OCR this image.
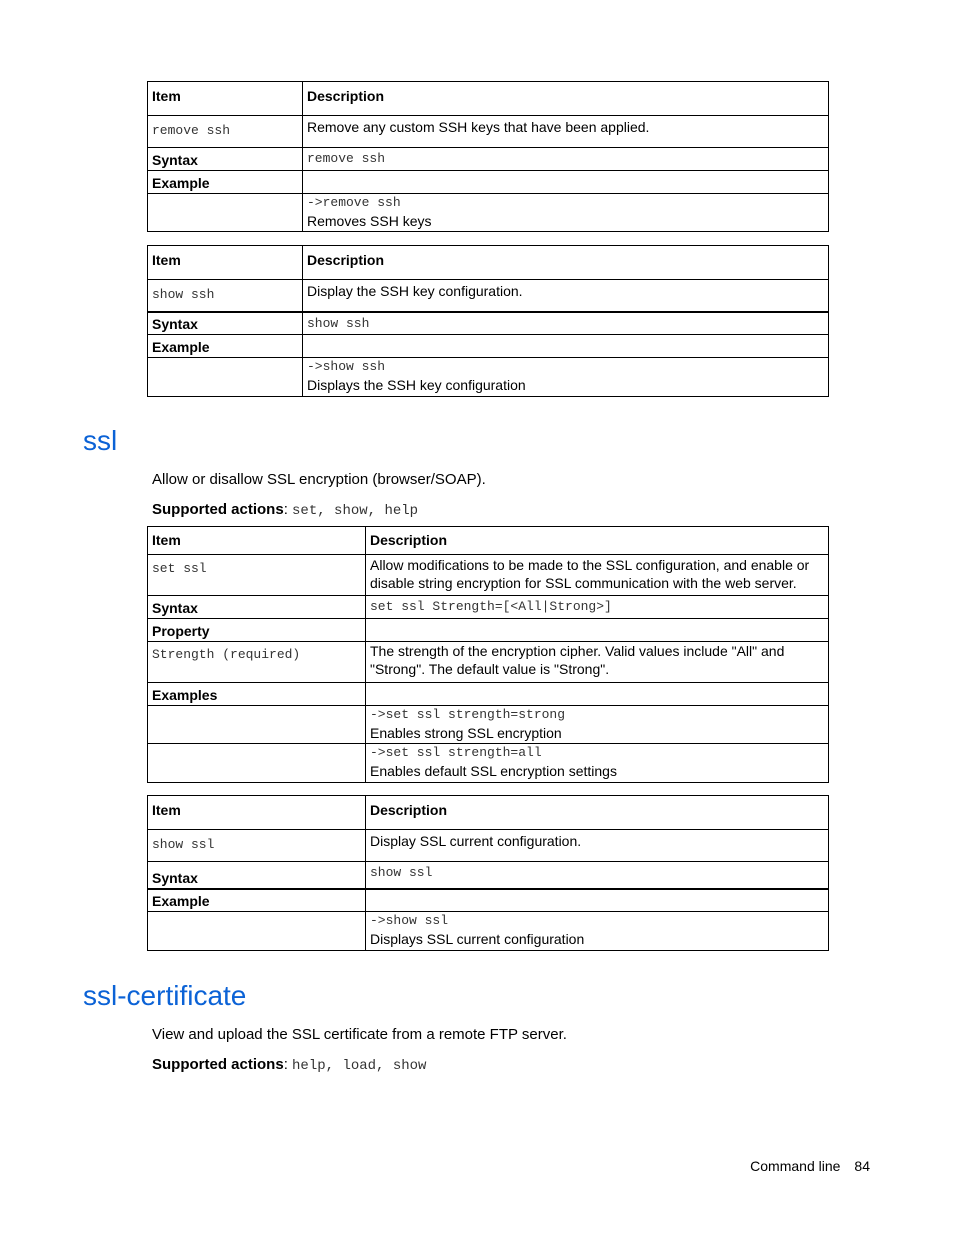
Item	Description
remove ssh	Remove any custom SSH keys that have been applied.
Syntax	remove ssh
Example	

	->remove ssh
Removes SSH keys
Item	Description
show ssh	Display the SSH key configuration.
Syntax	show ssh
Example	

	->show ssh
Displays the SSH key configuration
ssl

Allow or disallow SSL encryption (browser/SOAP).

Supported actions: set, show, help

Item	Description
set ssl	Allow modifications to be made to the SSL configuration, and enable or disable string encryption for SSL communication with the web server.
Syntax	set ssl Strength=[<All|Strong>]
Property	
Strength (required)	The strength of the encryption cipher. Valid values include "All" and "Strong". The default value is "Strong".
Examples	

	->set ssl strength=strong
Enables strong SSL encryption

	->set ssl strength=all
Enables default SSL encryption settings
Item	Description
show ssl	Display SSL current configuration.
Syntax	show ssl
Example	

	->show ssl
Displays SSL current configuration
ssl-certificate

View and upload the SSL certificate from a remote FTP server.

Supported actions: help, load, show

Command line 84
